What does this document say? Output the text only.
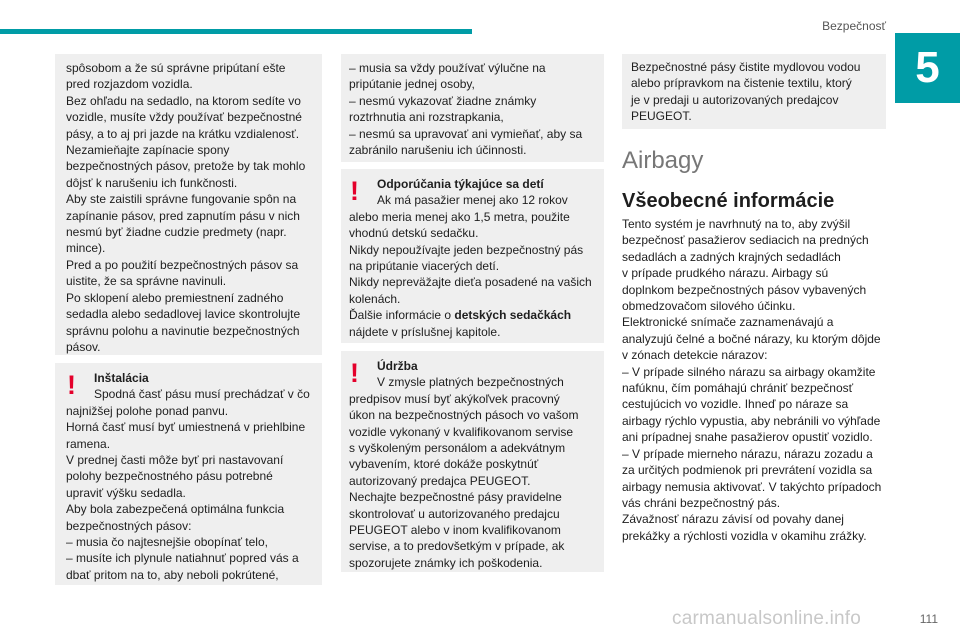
Bezpečnosť
5

spôsobom a že sú správne pripútaní ešte

pred rozjazdom vozidla.

Bez ohľadu na sedadlo, na ktorom sedíte vo

vozidle, musíte vždy používať bezpečnostné

pásy, a to aj pri jazde na krátku vzdialenosť.

Nezamieňajte zapínacie spony

bezpečnostných pásov, pretože by tak mohlo

dôjsť k narušeniu ich funkčnosti.

Aby ste zaistili správne fungovanie spôn na

zapínanie pásov, pred zapnutím pásu v nich

nesmú byť žiadne cudzie predmety (napr.

mince).

Pred a po použití bezpečnostných pásov sa

uistite, že sa správne navinuli.

Po sklopení alebo premiestnení zadného

sedadla alebo sedadlovej lavice skontrolujte

správnu polohu a navinutie bezpečnostných

pásov.

! Inštalácia

Spodná časť pásu musí prechádzať v čo

najnižšej polohe ponad panvu.

Horná časť musí byť umiestnená v priehlbine

ramena.

V prednej časti môže byť pri nastavovaní

polohy bezpečnostného pásu potrebné

upraviť výšku sedadla.

Aby bola zabezpečená optimálna funkcia

bezpečnostných pásov:

– musia čo najtesnejšie obopínať telo,

– musíte ich plynule natiahnuť popred vás a

dbať pritom na to, aby neboli pokrútené,

– musia sa vždy používať výlučne na

pripútanie jednej osoby,

– nesmú vykazovať žiadne známky

roztrhnutia ani rozstrapkania,

– nesmú sa upravovať ani vymieňať, aby sa

zabránilo narušeniu ich účinnosti.

! Odporúčania týkajúce sa detí

Ak má pasažier menej ako 12 rokov

alebo meria menej ako 1,5 metra, použite

vhodnú detskú sedačku.

Nikdy nepoužívajte jeden bezpečnostný pás

na pripútanie viacerých detí.

Nikdy nepreväžajte dieťa posadené na vašich

kolenách.

Ďalšie informácie o detských sedačkách

nájdete v príslušnej kapitole.

! Údržba

V zmysle platných bezpečnostných

predpisov musí byť akýkoľvek pracovný

úkon na bezpečnostných pásoch vo vašom

vozidle vykonaný v kvalifikovanom servise

s vyškoleným personálom a adekvátnym

vybavením, ktoré dokáže poskytnúť

autorizovaný predajca PEUGEOT.

Nechajte bezpečnostné pásy pravidelne

skontrolovať u autorizovaného predajcu

PEUGEOT alebo v inom kvalifikovanom

servise, a to predovšetkým v prípade, ak

spozorujete známky ich poškodenia.

Bezpečnostné pásy čistite mydlovou vodou

alebo prípravkom na čistenie textilu, ktorý

je v predaji u autorizovaných predajcov

PEUGEOT.

Airbagy
Všeobecné informácie

Tento systém je navrhnutý na to, aby zvýšil

bezpečnosť pasažierov sediacich na predných

sedadlách a zadných krajných sedadlách

v prípade prudkého nárazu. Airbagy sú

doplnkom bezpečnostných pásov vybavených

obmedzovačom silového účinku.

Elektronické snímače zaznamenávajú a

analyzujú čelné a bočné nárazy, ku ktorým dôjde

v zónach detekcie nárazov:

– V prípade silného nárazu sa airbagy okamžite

nafúknu, čím pomáhajú chrániť bezpečnosť

cestujúcich vo vozidle. Ihneď po náraze sa

airbagy rýchlo vypustia, aby nebránili vo výhľade

ani prípadnej snahe pasažierov opustiť vozidlo.

– V prípade mierneho nárazu, nárazu zozadu a

za určitých podmienok pri prevrátení vozidla sa

airbagy nemusia aktivovať. V takýchto prípadoch

vás chráni bezpečnostný pás.

Závažnosť nárazu závisí od povahy danej

prekážky a rýchlosti vozidla v okamihu zrážky.

carmanualsonline.info	111
